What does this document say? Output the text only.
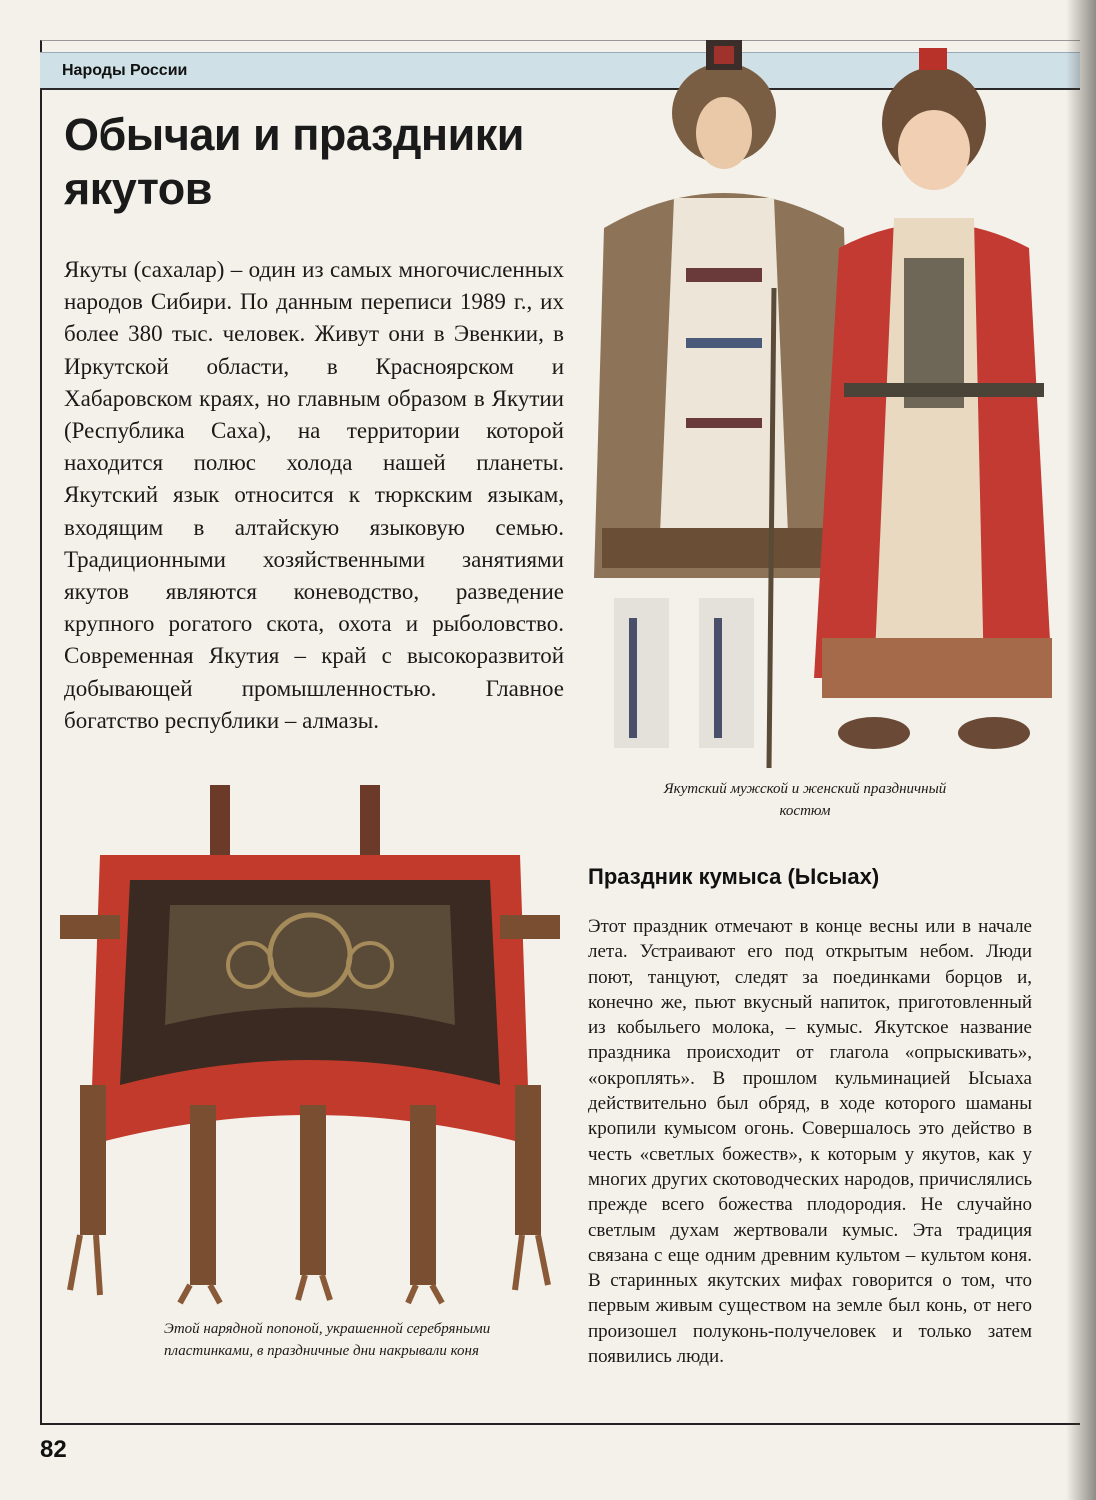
Народы России
Обычаи и праздники якутов

Якуты (сахалар) – один из самых многочисленных народов Сибири. По данным переписи 1989 г., их более 380 тыс. человек. Живут они в Эвенкии, в Иркутской области, в Красноярском и Хабаровском краях, но главным образом в Якутии (Республика Саха), на территории которой находится полюс холода нашей планеты. Якутский язык относится к тюркским языкам, входящим в алтайскую языковую семью. Традиционными хозяйственными занятиями якутов являются коневодство, разведение крупного рогатого скота, охота и рыболовство. Современная Якутия – край с высокоразвитой добывающей промышленностью. Главное богатство республики – алмазы.

Якутский мужской и женский праздничный костюм

Этой нарядной попоной, украшенной серебряными пластинками, в праздничные дни накрывали коня

Праздник кумыса (Ысыах)

Этот праздник отмечают в конце весны или в начале лета. Устраивают его под открытым небом. Люди поют, танцуют, следят за поединками борцов и, конечно же, пьют вкусный напиток, приготовленный из кобыльего молока, – кумыс. Якутское название праздника происходит от глагола «опрыскивать», «окроплять». В прошлом кульминацией Ысыаха действительно был обряд, в ходе которого шаманы кропили кумысом огонь. Совершалось это действо в честь «светлых божеств», к которым у якутов, как у многих других скотоводческих народов, причислялись прежде всего божества плодородия. Не случайно светлым духам жертвовали кумыс. Эта традиция связана с еще одним древним культом – культом коня. В старинных якутских мифах говорится о том, что первым живым существом на земле был конь, от него произошел полуконь-получеловек и только затем появились люди.

82
